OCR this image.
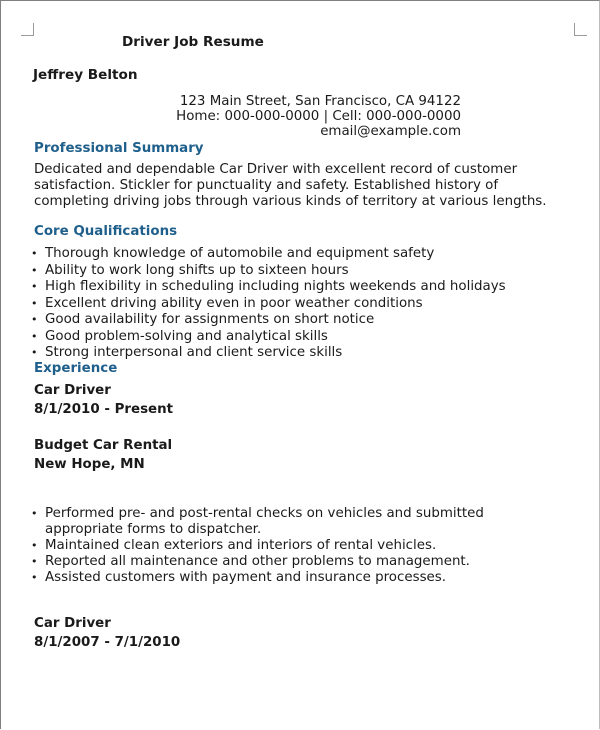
Driver Job Resume
Jeffrey Belton
123 Main Street, San Francisco, CA 94122
Home: 000-000-0000 | Cell: 000-000-0000
email@example.com
Professional Summary
Dedicated and dependable Car Driver with excellent record of customer satisfaction. Stickler for punctuality and safety. Established history of completing driving jobs through various kinds of territory at various lengths.
Core Qualifications
• Thorough knowledge of automobile and equipment safety
• Ability to work long shifts up to sixteen hours
• High flexibility in scheduling including nights weekends and holidays
• Excellent driving ability even in poor weather conditions
• Good availability for assignments on short notice
• Good problem-solving and analytical skills
• Strong interpersonal and client service skills
Experience
Car Driver
8/1/2010 - Present
Budget Car Rental
New Hope, MN
• Performed pre- and post-rental checks on vehicles and submitted appropriate forms to dispatcher.
• Maintained clean exteriors and interiors of rental vehicles.
• Reported all maintenance and other problems to management.
• Assisted customers with payment and insurance processes.
Car Driver
8/1/2007 - 7/1/2010
